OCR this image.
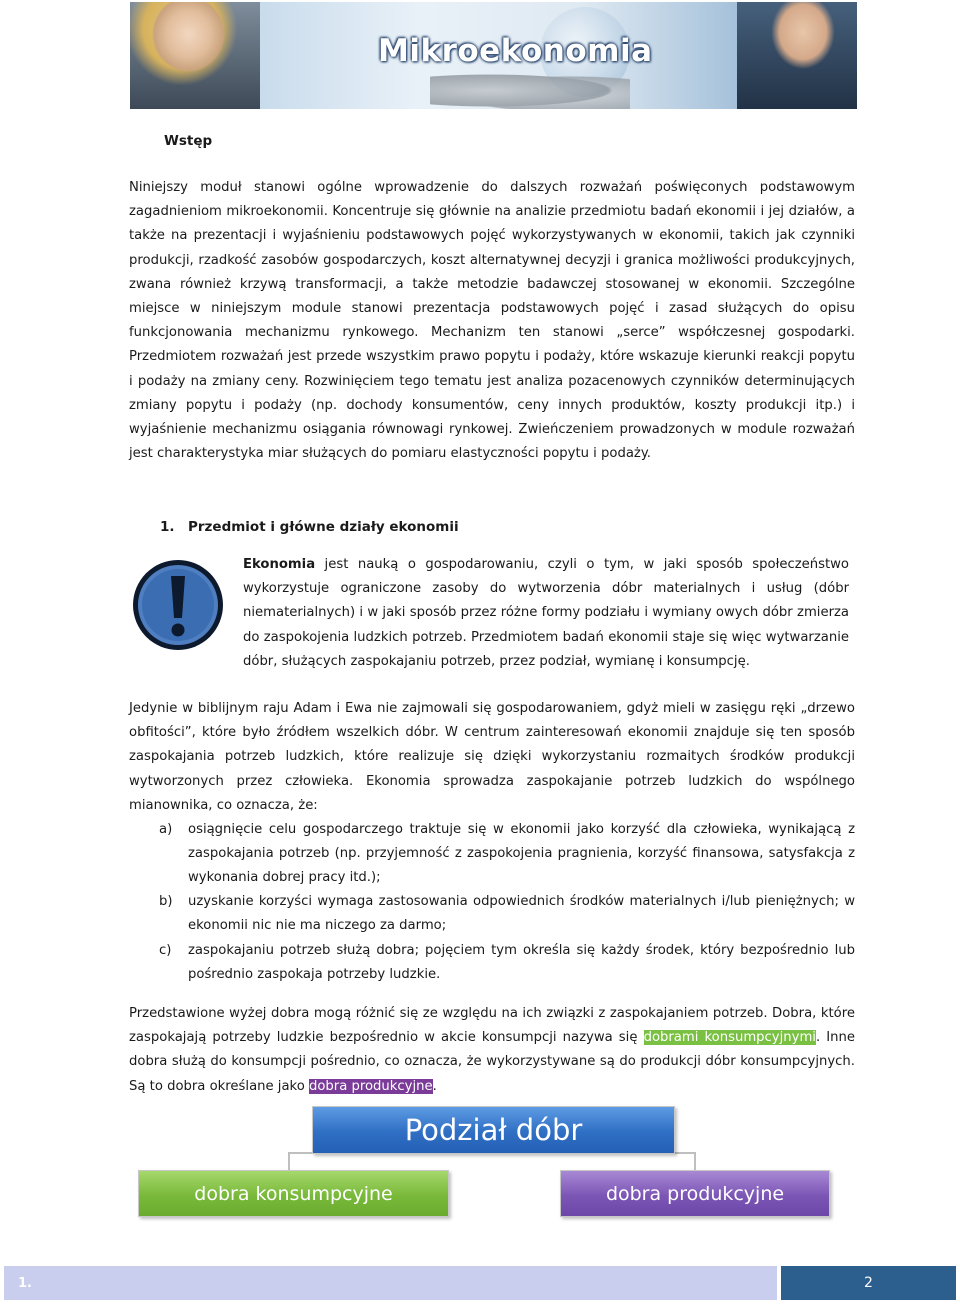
Mikroekonomia
Wstęp

Niniejszy moduł stanowi ogólne wprowadzenie do dalszych rozważań poświęconych podstawowym zagadnieniom mikroekonomii. Koncentruje się głównie na analizie przedmiotu badań ekonomii i jej działów, a także na prezentacji i wyjaśnieniu podstawowych pojęć wykorzystywanych w ekonomii, takich jak czynniki produkcji, rzadkość zasobów gospodarczych, koszt alternatywnej decyzji i granica możliwości produkcyjnych, zwana również krzywą transformacji, a także metodzie badawczej stosowanej w ekonomii. Szczególne miejsce w niniejszym module stanowi prezentacja podstawowych pojęć i zasad służących do opisu funkcjonowania mechanizmu rynkowego. Mechanizm ten stanowi „serce” współczesnej gospodarki. Przedmiotem rozważań jest przede wszystkim prawo popytu i podaży, które wskazuje kierunki reakcji popytu i podaży na zmiany ceny. Rozwinięciem tego tematu jest analiza pozacenowych czynników determinujących zmiany popytu i podaży (np. dochody konsumentów, ceny innych produktów, koszty produkcji itp.) i wyjaśnienie mechanizmu osiągania równowagi rynkowej. Zwieńczeniem prowadzonych w module rozważań jest charakterystyka miar służących do pomiaru elastyczności popytu i podaży.

1. Przedmiot i główne działy ekonomii

Ekonomia jest nauką o gospodarowaniu, czyli o tym, w jaki sposób społeczeństwo wykorzystuje ograniczone zasoby do wytworzenia dóbr materialnych i usług (dóbr niematerialnych) i w jaki sposób przez różne formy podziału i wymiany owych dóbr zmierza do zaspokojenia ludzkich potrzeb. Przedmiotem badań ekonomii staje się więc wytwarzanie dóbr, służących zaspokajaniu potrzeb, przez podział, wymianę i konsumpcję.

Jedynie w biblijnym raju Adam i Ewa nie zajmowali się gospodarowaniem, gdyż mieli w zasięgu ręki „drzewo obfitości”, które było źródłem wszelkich dóbr. W centrum zainteresowań ekonomii znajduje się ten sposób zaspokajania potrzeb ludzkich, które realizuje się dzięki wykorzystaniu rozmaitych środków produkcji wytworzonych przez człowieka. Ekonomia sprowadza zaspokajanie potrzeb ludzkich do wspólnego mianownika, co oznacza, że:

a) osiągnięcie celu gospodarczego traktuje się w ekonomii jako korzyść dla człowieka, wynikającą z zaspokajania potrzeb (np. przyjemność z zaspokojenia pragnienia, korzyść finansowa, satysfakcja z wykonania dobrej pracy itd.);
b) uzyskanie korzyści wymaga zastosowania odpowiednich środków materialnych i/lub pieniężnych; w ekonomii nic nie ma niczego za darmo;
c) zaspokajaniu potrzeb służą dobra; pojęciem tym określa się każdy środek, który bezpośrednio lub pośrednio zaspokaja potrzeby ludzkie.

Przedstawione wyżej dobra mogą różnić się ze względu na ich związki z zaspokajaniem potrzeb. Dobra, które zaspokajają potrzeby ludzkie bezpośrednio w akcie konsumpcji nazywa się dobrami konsumpcyjnymi. Inne dobra służą do konsumpcji pośrednio, co oznacza, że wykorzystywane są do produkcji dóbr konsumpcyjnych. Są to dobra określane jako dobra produkcyjne.

Podział dóbr
dobra konsumpcyjne	dobra produkcyjne
1.	2
